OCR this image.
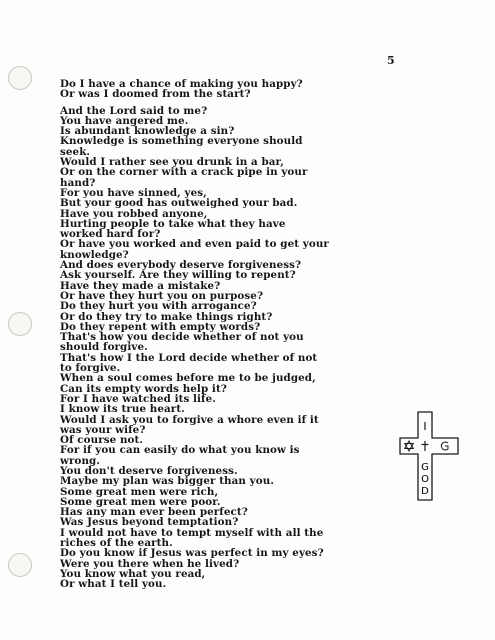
5
Do I have a chance of making you happy?
Or was I doomed from the start?
And the Lord said to me?
You have angered me.
Is abundant knowledge a sin?
Knowledge is something everyone should
seek.
Would I rather see you drunk in a bar,
Or on the corner with a crack pipe in your
hand?
For you have sinned, yes,
But your good has outweighed your bad.
Have you robbed anyone,
Hurting people to take what they have
worked hard for?
Or have you worked and even paid to get your
knowledge?
And does everybody deserve forgiveness?
Ask yourself. Are they willing to repent?
Have they made a mistake?
Or have they hurt you on purpose?
Do they hurt you with arrogance?
Or do they try to make things right?
Do they repent with empty words?
That's how you decide whether of not you
should forgive.
That's how I the Lord decide whether of not
to forgive.
When a soul comes before me to be judged,
Can its empty words help it?
For I have watched its life.
I know its true heart.
Would I ask you to forgive a whore even if it
was your wife?
Of course not.
For if you can easily do what you know is
wrong.
You don't deserve forgiveness.
Maybe my plan was bigger than you.
Some great men were rich,
Some great men were poor.
Has any man ever been perfect?
Was Jesus beyond temptation?
I would not have to tempt myself with all the
riches of the earth.
Do you know if Jesus was perfect in my eyes?
Were you there when he lived?
You know what you read,
Or what I tell you.
I
G
O
D
